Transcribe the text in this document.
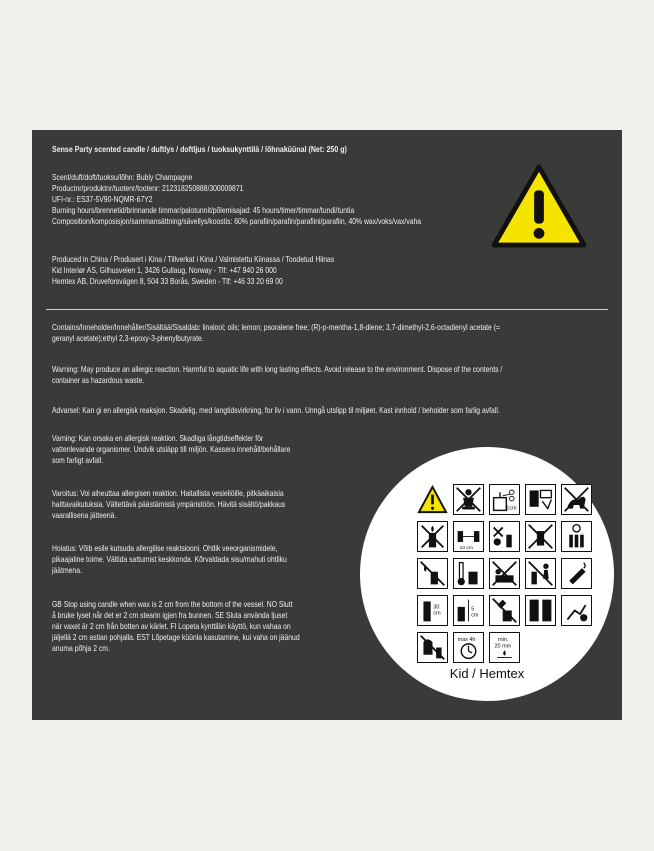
Sense Party scented candle / duftlys / doftljus / tuoksukynttilä / lõhnaküünal (Net: 250 g)
Scent/duft/doft/tuoksu/lõhn: Bubly Champagne
Productnr/produktnr/tuotenr/tootenr: 212318250888/300009871
UFI-nr.: ES37-5V90-NQMR-67Y2
Burning hours/brennetid/brinnande timmar/palotunnit/põlemisajad: 45 hours/timer/timmar/tundi/tuntia
Composition/komposisjon/sammansättning/sävellys/koostis: 60% parafiin/parafin/parafiini/parafiin, 40% wax/voks/vax/vaha
Produced in China / Produsert i Kina / Tillverkat i Kina / Valmistettu Kiinassa / Toodetud Hiinas
Kid Interiør AS, Gilhusveien 1, 3426 Gullaug, Norway - Tlf: +47 940 26 000
Hemtex AB, Druveforsvägen 8, 504 33 Borås, Sweden - Tlf: +46 33 20 69 00
Contains/Inneholder/Innehåller/Sisältää/Sisaldab: linalool; oils; lemon; psoralene free; (R)-p-mentha-1,8-diene; 3,7-dimethyl-2,6-octadienyl acetate (=
geranyl acetate);ethyl 2,3-epoxy-3-phenylbutyrate.
Warning: May produce an allergic reaction. Harmful to aquatic life with long lasting effects. Avoid release to the environment. Dispose of the contents /
container as hazardous waste.
Advarsel: Kan gi en allergisk reaksjon. Skadelig, med langtidsvirkning, for liv i vann. Unngå utslipp til miljøet. Kast innhold / beholder som farlig avfall.
Varning: Kan orsaka en allergisk reaktion. Skadliga långtidseffekter för
vattenlevande organismer. Undvik utsläpp till miljön. Kassera innehåll/behållare
som farligt avfall.
Varoitus: Voi aiheuttaa allergisen reaktion. Haitallista vesieliöille, pitkäaikaisia
haittavaikutuksia. Vältettävä päästämistä ympäristöön. Hävitä sisältö/pakkaus
vaarallisena jätteenä.
Hoiatus: Võib esile kutsuda allergilise reaktsiooni. Ohtlik veeorganismidele,
pikaajaline toime. Vältida sattumist keskkonda. Kõrvaldada sisu/mahuti ohtliku
jäätmena.
GB Stop using candle when wax is 2 cm from the bottom of the vessel. NO Slutt
å bruke lyset når det er 2 cm stearin igjen fra bunnen. SE Sluta använda ljuset
när vaxet är 2 cm från botten av kärlet. FI Lopeta kynttilän käyttö, kun vahaa on
jäljellä 2 cm astian pohjalla. EST Lõpetage küünla kasutamine, kui vaha on jäänud
anuma põhja 2 cm.
1cm
10 cm
30 cm
5 cm
max 4h	min.
20 mm
Kid / Hemtex
